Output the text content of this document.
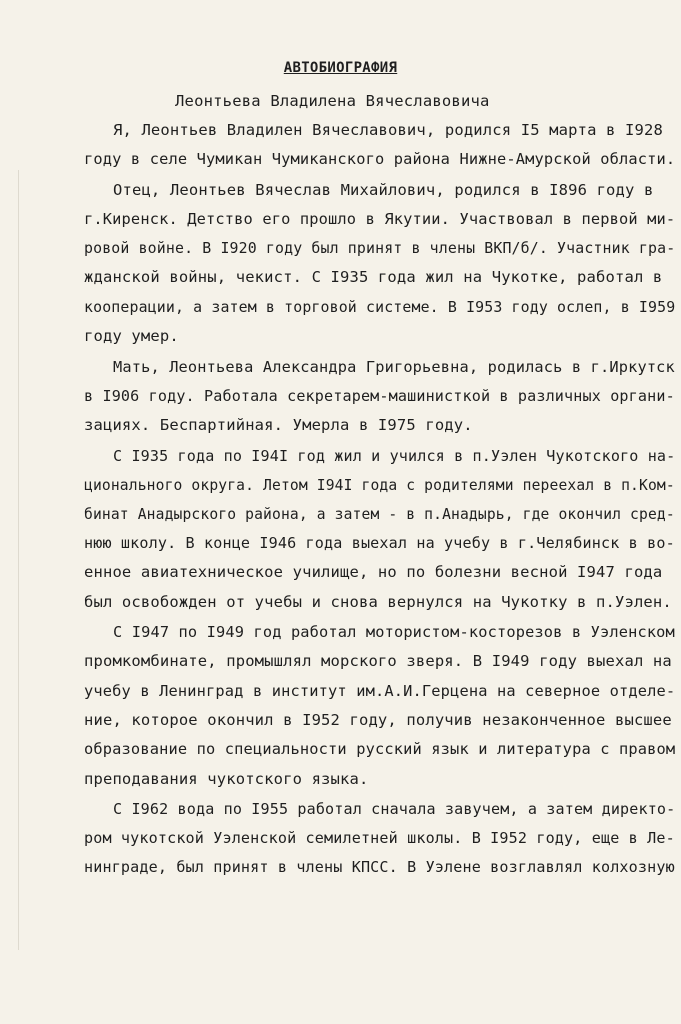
АВТОБИОГРАФИЯ
Леонтьева Владилена Вячеславовича
Я, Леонтьев Владилен Вячеславович, родился I5 марта в I928
году в селе Чумикан Чумиканского района Нижне-Амурской области.
Отец, Леонтьев Вячеслав Михайлович, родился в I896 году в
г.Киренск. Детство его прошло в Якутии. Участвовал в первой ми-
ровой войне. В I920 году был принят в члены ВКП/б/. Участник гра-
жданской войны, чекист. С I935 года жил на Чукотке, работал в
кооперации, а затем в торговой системе. В I953 году ослеп, в I959
году умер.
Мать, Леонтьева Александра Григорьевна, родилась в г.Иркутск
в I906 году. Работала секретарем-машинисткой в различных органи-
зациях. Беспартийная. Умерла в I975 году.
С I935 года по I94I год жил и учился в п.Уэлен Чукотского на-
ционального округа. Летом I94I года с родителями переехал в п.Ком-
бинат Анадырского района, а затем - в п.Анадырь, где окончил сред-
нюю школу. В конце I946 года выехал на учебу в г.Челябинск в во-
енное авиатехническое училище, но по болезни весной I947 года
был освобожден от учебы и снова вернулся на Чукотку в п.Уэлен.
С I947 по I949 год работал мотористом-косторезов в Уэленском
промкомбинате, промышлял морского зверя. В I949 году выехал на
учебу в Ленинград в институт им.А.И.Герцена на северное отделе-
ние, которое окончил в I952 году, получив незаконченное высшее
образование по специальности русский язык и литература с правом
преподавания чукотского языка.
С I962 вода по I955 работал сначала завучем, а затем директо-
ром чукотской Уэленской семилетней школы. В I952 году, еще в Ле-
нинграде, был принят в члены КПСС. В Уэлене возглавлял колхозную
